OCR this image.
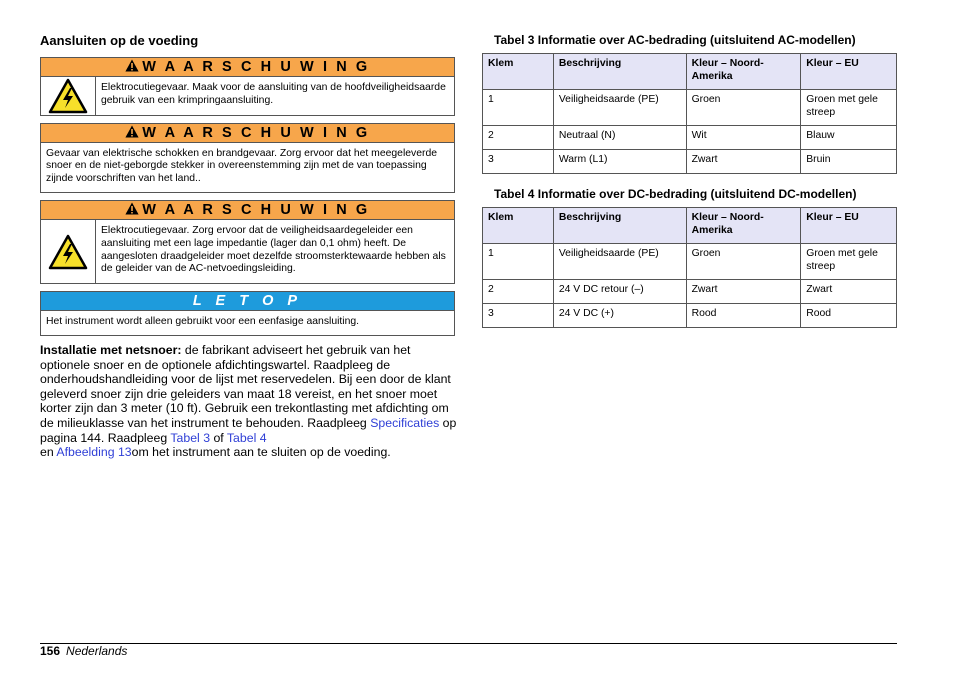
Aansluiten op de voeding
W A A R S C H U W I N G
Elektrocutiegevaar. Maak voor de aansluiting van de hoofdveiligheidsaarde gebruik van een krimpringaansluiting.
W A A R S C H U W I N G
Gevaar van elektrische schokken en brandgevaar. Zorg ervoor dat het meegeleverde snoer en de niet-geborgde stekker in overeenstemming zijn met de van toepassing zijnde voorschriften van het land..
W A A R S C H U W I N G
Elektrocutiegevaar. Zorg ervoor dat de veiligheidsaardegeleider een aansluiting met een lage impedantie (lager dan 0,1 ohm) heeft. De aangesloten draadgeleider moet dezelfde stroomsterktewaarde hebben als de geleider van de AC-netvoedingsleiding.
L E T O P
Het instrument wordt alleen gebruikt voor een eenfasige aansluiting.
Installatie met netsnoer: de fabrikant adviseert het gebruik van het optionele snoer en de optionele afdichtingswartel. Raadpleeg de onderhoudshandleiding voor de lijst met reservedelen. Bij een door de klant geleverd snoer zijn drie geleiders van maat 18 vereist, en het snoer moet korter zijn dan 3 meter (10 ft). Gebruik een trekontlasting met afdichting om de milieuklasse van het instrument te behouden. Raadpleeg Specificaties op pagina 144. Raadpleeg Tabel 3 of Tabel 4
en Afbeelding 13om het instrument aan te sluiten op de voeding.
Tabel 3 Informatie over AC-bedrading (uitsluitend AC-modellen)
Klem	Beschrijving	Kleur – Noord-Amerika	Kleur – EU
1	Veiligheidsaarde (PE)	Groen	Groen met gele streep
2	Neutraal (N)	Wit	Blauw
3	Warm (L1)	Zwart	Bruin
Tabel 4 Informatie over DC-bedrading (uitsluitend DC-modellen)
Klem	Beschrijving	Kleur – Noord-Amerika	Kleur – EU
1	Veiligheidsaarde (PE)	Groen	Groen met gele streep
2	24 V DC retour (–)	Zwart	Zwart
3	24 V DC (+)	Rood	Rood
156 Nederlands
